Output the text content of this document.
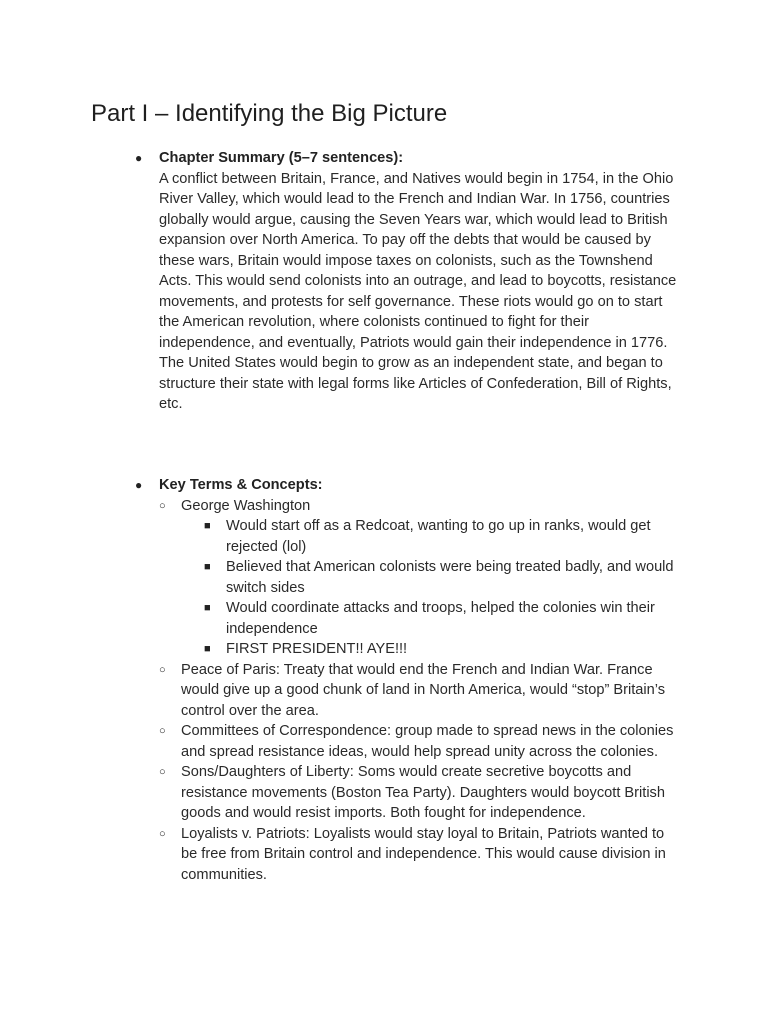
Part I – Identifying the Big Picture
●	Chapter Summary (5–7 sentences):

A conflict between Britain, France, and Natives would begin in 1754, in the Ohio River Valley, which would lead to the French and Indian War. In 1756, countries globally would argue, causing the Seven Years war, which would lead to British expansion over North America. To pay off the debts that would be caused by these wars, Britain would impose taxes on colonists, such as the Townshend Acts. This would send colonists into an outrage, and lead to boycotts, resistance movements, and protests for self governance. These riots would go on to start the American revolution, where colonists continued to fight for their independence, and eventually, Patriots would gain their independence in 1776. The United States would begin to grow as an independent state, and began to structure their state with legal forms like Articles of Confederation, Bill of Rights, etc.

●	Key Terms & Concepts:
○	George Washington
■	Would start off as a Redcoat, wanting to go up in ranks, would get rejected (lol)
■	Believed that American colonists were being treated badly, and would switch sides
■	Would coordinate attacks and troops, helped the colonies win their independence
■	FIRST PRESIDENT!! AYE!!!
○	Peace of Paris: Treaty that would end the French and Indian War. France would give up a good chunk of land in North America, would “stop” Britain’s control over the area.
○	Committees of Correspondence: group made to spread news in the colonies and spread resistance ideas, would help spread unity across the colonies.
○	Sons/Daughters of Liberty: Soms would create secretive boycotts and resistance movements (Boston Tea Party). Daughters would boycott British goods and would resist imports. Both fought for independence.
○	Loyalists v. Patriots: Loyalists would stay loyal to Britain, Patriots wanted to be free from Britain control and independence. This would cause division in communities.
